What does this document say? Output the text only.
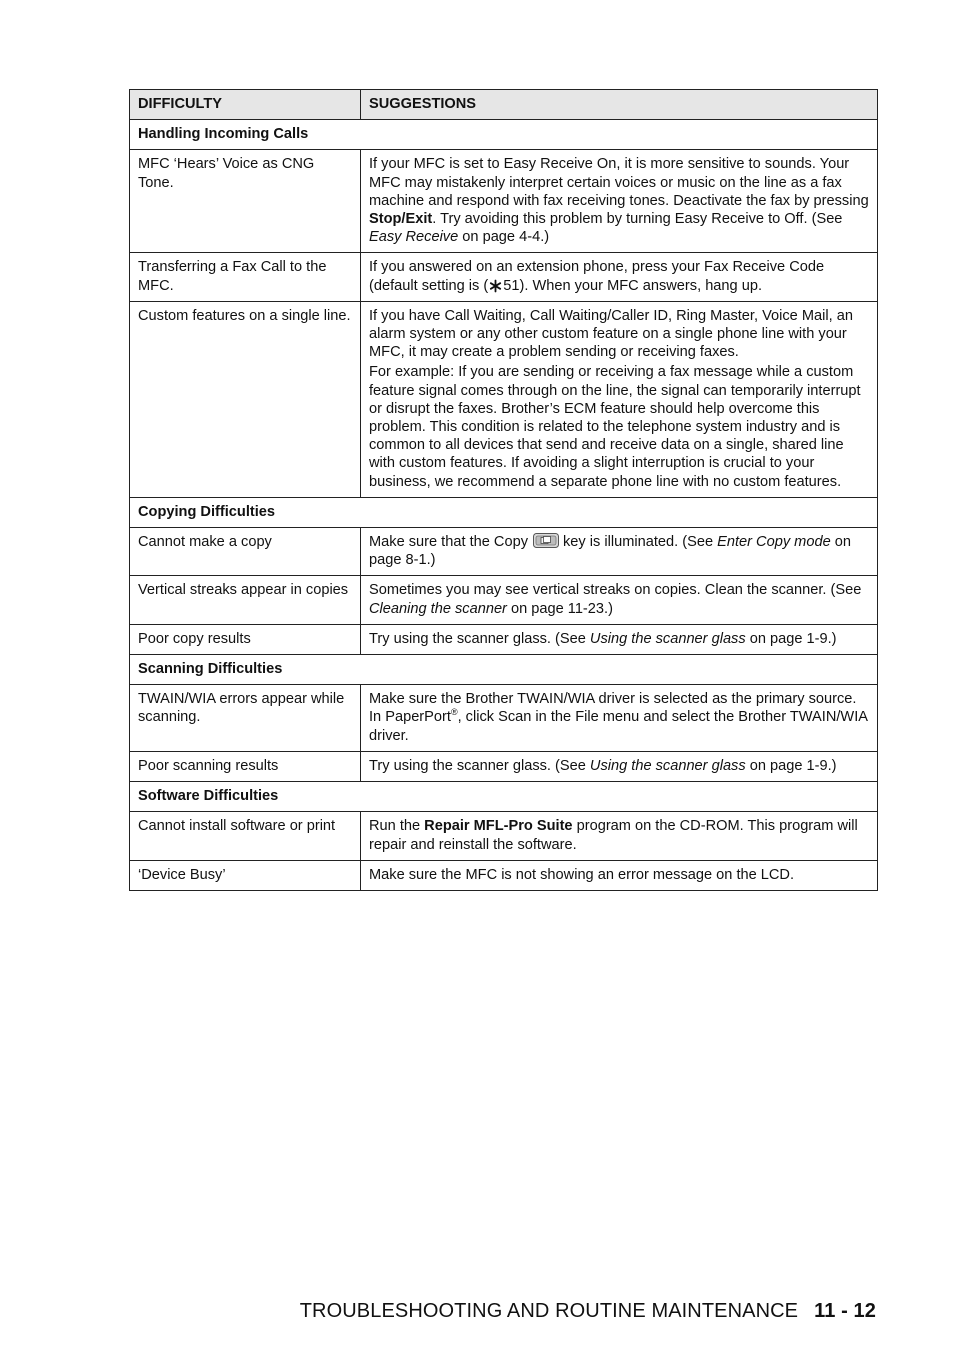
DIFFICULTY	SUGGESTIONS
Handling Incoming Calls	
MFC ‘Hears’ Voice as CNG Tone.	If your MFC is set to Easy Receive On, it is more sensitive to sounds. Your MFC may mistakenly interpret certain voices or music on the line as a fax machine and respond with fax receiving tones. Deactivate the fax by pressing Stop/Exit. Try avoiding this problem by turning Easy Receive to Off. (See Easy Receive on page 4-4.)
Transferring a Fax Call to the MFC.	If you answered on an extension phone, press your Fax Receive Code (default setting is ( 51). When your MFC answers, hang up.
Custom features on a single line.	If you have Call Waiting, Call Waiting/Caller ID, Ring Master, Voice Mail, an alarm system or any other custom feature on a single phone line with your MFC, it may create a problem sending or receiving faxes.

For example: If you are sending or receiving a fax message while a custom feature signal comes through on the line, the signal can temporarily interrupt or disrupt the faxes. Brother’s ECM feature should help overcome this problem. This condition is related to the telephone system industry and is common to all devices that send and receive data on a single, shared line with custom features. If avoiding a slight interruption is crucial to your business, we recommend a separate phone line with no custom features.

Copying Difficulties	
Cannot make a copy	Make sure that the Copy key is illuminated. (See Enter Copy mode on page 8-1.)
Vertical streaks appear in copies	Sometimes you may see vertical streaks on copies. Clean the scanner. (See Cleaning the scanner on page 11-23.)
Poor copy results	Try using the scanner glass. (See Using the scanner glass on page 1-9.)
Scanning Difficulties	
TWAIN/WIA errors appear while scanning.	Make sure the Brother TWAIN/WIA driver is selected as the primary source. In PaperPort®, click Scan in the File menu and select the Brother TWAIN/WIA driver.
Poor scanning results	Try using the scanner glass. (See Using the scanner glass on page 1-9.)
Software Difficulties	
Cannot install software or print	Run the Repair MFL-Pro Suite program on the CD-ROM. This program will repair and reinstall the software.
‘Device Busy’	Make sure the MFC is not showing an error message on the LCD.
TROUBLESHOOTING AND ROUTINE MAINTENANCE 11 - 12
